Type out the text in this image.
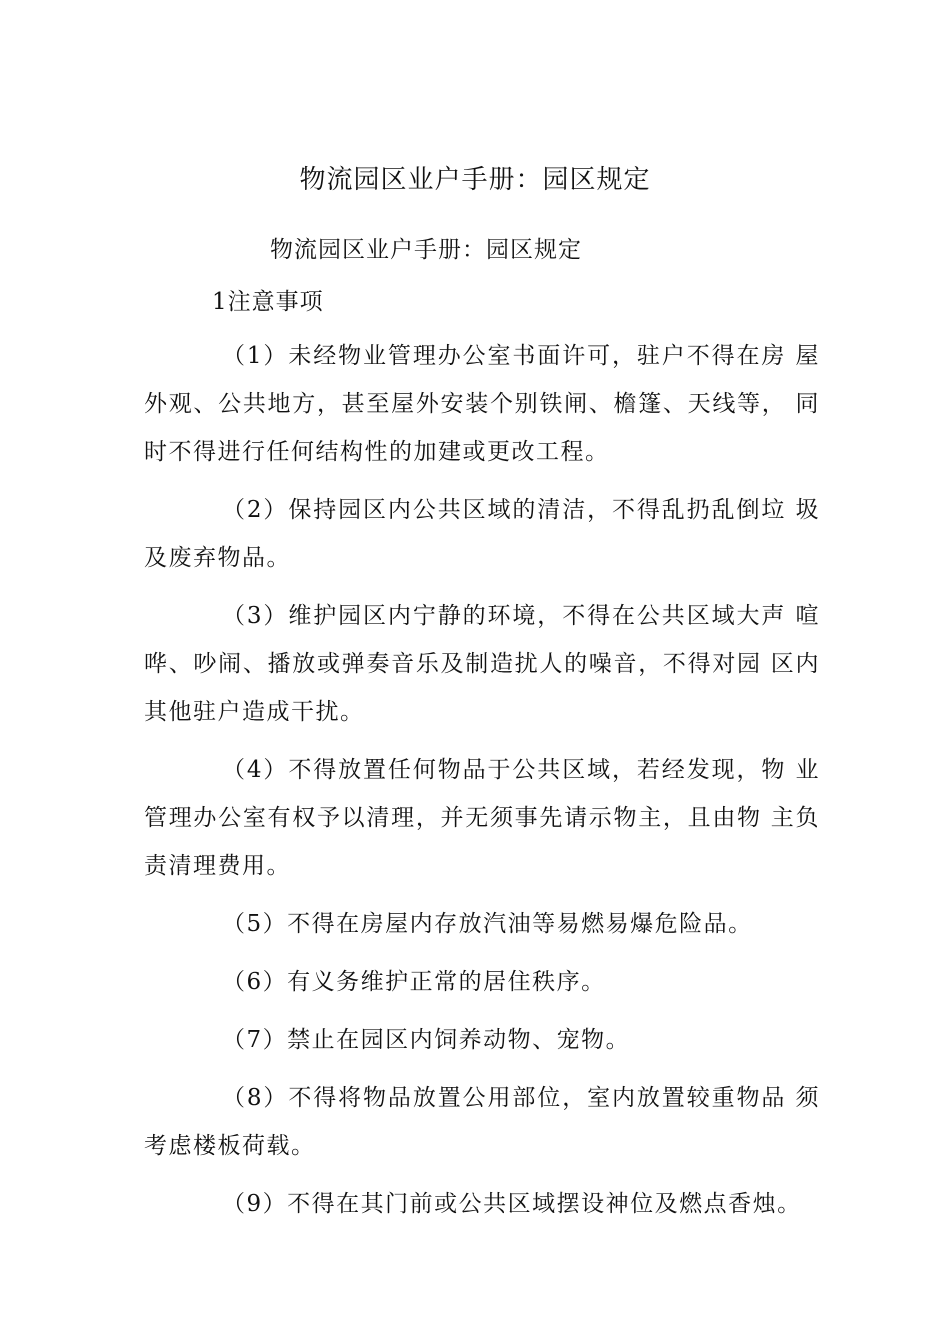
物流园区业户手册：园区规定
物流园区业户手册：园区规定
1注意事项

（1）未经物业管理办公室书面许可，驻户不得在房 屋外观、公共地方，甚至屋外安装个别铁闸、檐篷、天线等， 同时不得进行任何结构性的加建或更改工程。

（2）保持园区内公共区域的清洁，不得乱扔乱倒垃 圾及废弃物品。

（3）维护园区内宁静的环境，不得在公共区域大声 喧哗、吵闹、播放或弹奏音乐及制造扰人的噪音，不得对园 区内其他驻户造成干扰。

（4）不得放置任何物品于公共区域，若经发现，物 业管理办公室有权予以清理，并无须事先请示物主，且由物 主负责清理费用。

（5）不得在房屋内存放汽油等易燃易爆危险品。

（6）有义务维护正常的居住秩序。

（7）禁止在园区内饲养动物、宠物。

（8）不得将物品放置公用部位，室内放置较重物品 须考虑楼板荷载。

（9）不得在其门前或公共区域摆设神位及燃点香烛。
